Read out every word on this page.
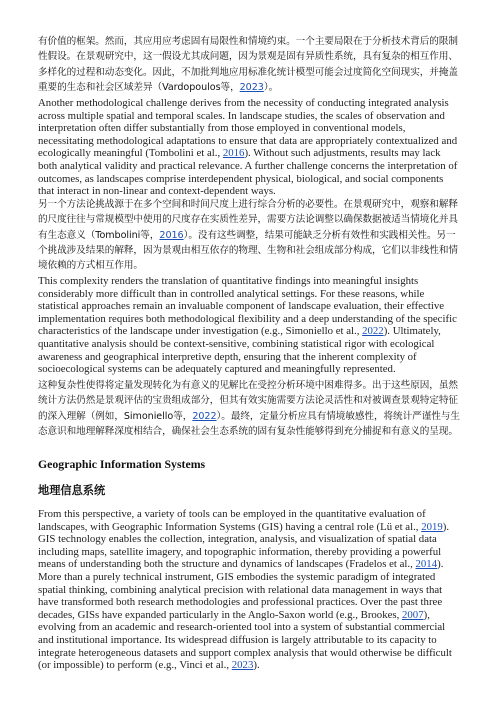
有价值的框架。然而，其应用应考虑固有局限性和情境约束。一个主要局限在于分析技术背后的限制性假设。在景观研究中，这一假设尤其成问题，因为景观是固有异质性系统，具有复杂的相互作用、多样化的过程和动态变化。因此，不加批判地应用标准化统计模型可能会过度简化空间现实，并掩盖重要的生态和社会区域差异（Vardopoulos等，2023）。

Another methodological challenge derives from the necessity of conducting integrated analysis across multiple spatial and temporal scales. In landscape studies, the scales of observation and interpretation often differ substantially from those employed in conventional models, necessitating methodological adaptations to ensure that data are appropriately contextualized and ecologically meaningful (Tombolini et al., 2016). Without such adjustments, results may lack both analytical validity and practical relevance. A further challenge concerns the interpretation of outcomes, as landscapes comprise interdependent physical, biological, and social components that interact in non-linear and context-dependent ways.

另一个方法论挑战源于在多个空间和时间尺度上进行综合分析的必要性。在景观研究中，观察和解释的尺度往往与常规模型中使用的尺度存在实质性差异，需要方法论调整以确保数据被适当情境化并具有生态意义（Tombolini等，2016）。没有这些调整，结果可能缺乏分析有效性和实践相关性。另一个挑战涉及结果的解释，因为景观由相互依存的物理、生物和社会组成部分构成，它们以非线性和情境依赖的方式相互作用。

This complexity renders the translation of quantitative findings into meaningful insights considerably more difficult than in controlled analytical settings. For these reasons, while statistical approaches remain an invaluable component of landscape evaluation, their effective implementation requires both methodological flexibility and a deep understanding of the specific characteristics of the landscape under investigation (e.g., Simoniello et al., 2022). Ultimately, quantitative analysis should be context-sensitive, combining statistical rigor with ecological awareness and geographical interpretive depth, ensuring that the inherent complexity of socioecological systems can be adequately captured and meaningfully represented.

这种复杂性使得将定量发现转化为有意义的见解比在受控分析环境中困难得多。出于这些原因，虽然统计方法仍然是景观评估的宝贵组成部分，但其有效实施需要方法论灵活性和对被调查景观特定特征的深入理解（例如，Simoniello等，2022）。最终，定量分析应具有情境敏感性，将统计严谨性与生态意识和地理解释深度相结合，确保社会生态系统的固有复杂性能够得到充分捕捉和有意义的呈现。

Geographic Information Systems
地理信息系统

From this perspective, a variety of tools can be employed in the quantitative evaluation of landscapes, with Geographic Information Systems (GIS) having a central role (Lü et al., 2019). GIS technology enables the collection, integration, analysis, and visualization of spatial data including maps, satellite imagery, and topographic information, thereby providing a powerful means of understanding both the structure and dynamics of landscapes (Fradelos et al., 2014). More than a purely technical instrument, GIS embodies the systemic paradigm of integrated spatial thinking, combining analytical precision with relational data management in ways that have transformed both research methodologies and professional practices. Over the past three decades, GISs have expanded particularly in the Anglo-Saxon world (e.g., Brookes, 2007), evolving from an academic and research-oriented tool into a system of substantial commercial and institutional importance. Its widespread diffusion is largely attributable to its capacity to integrate heterogeneous datasets and support complex analysis that would otherwise be difficult (or impossible) to perform (e.g., Vinci et al., 2023).
